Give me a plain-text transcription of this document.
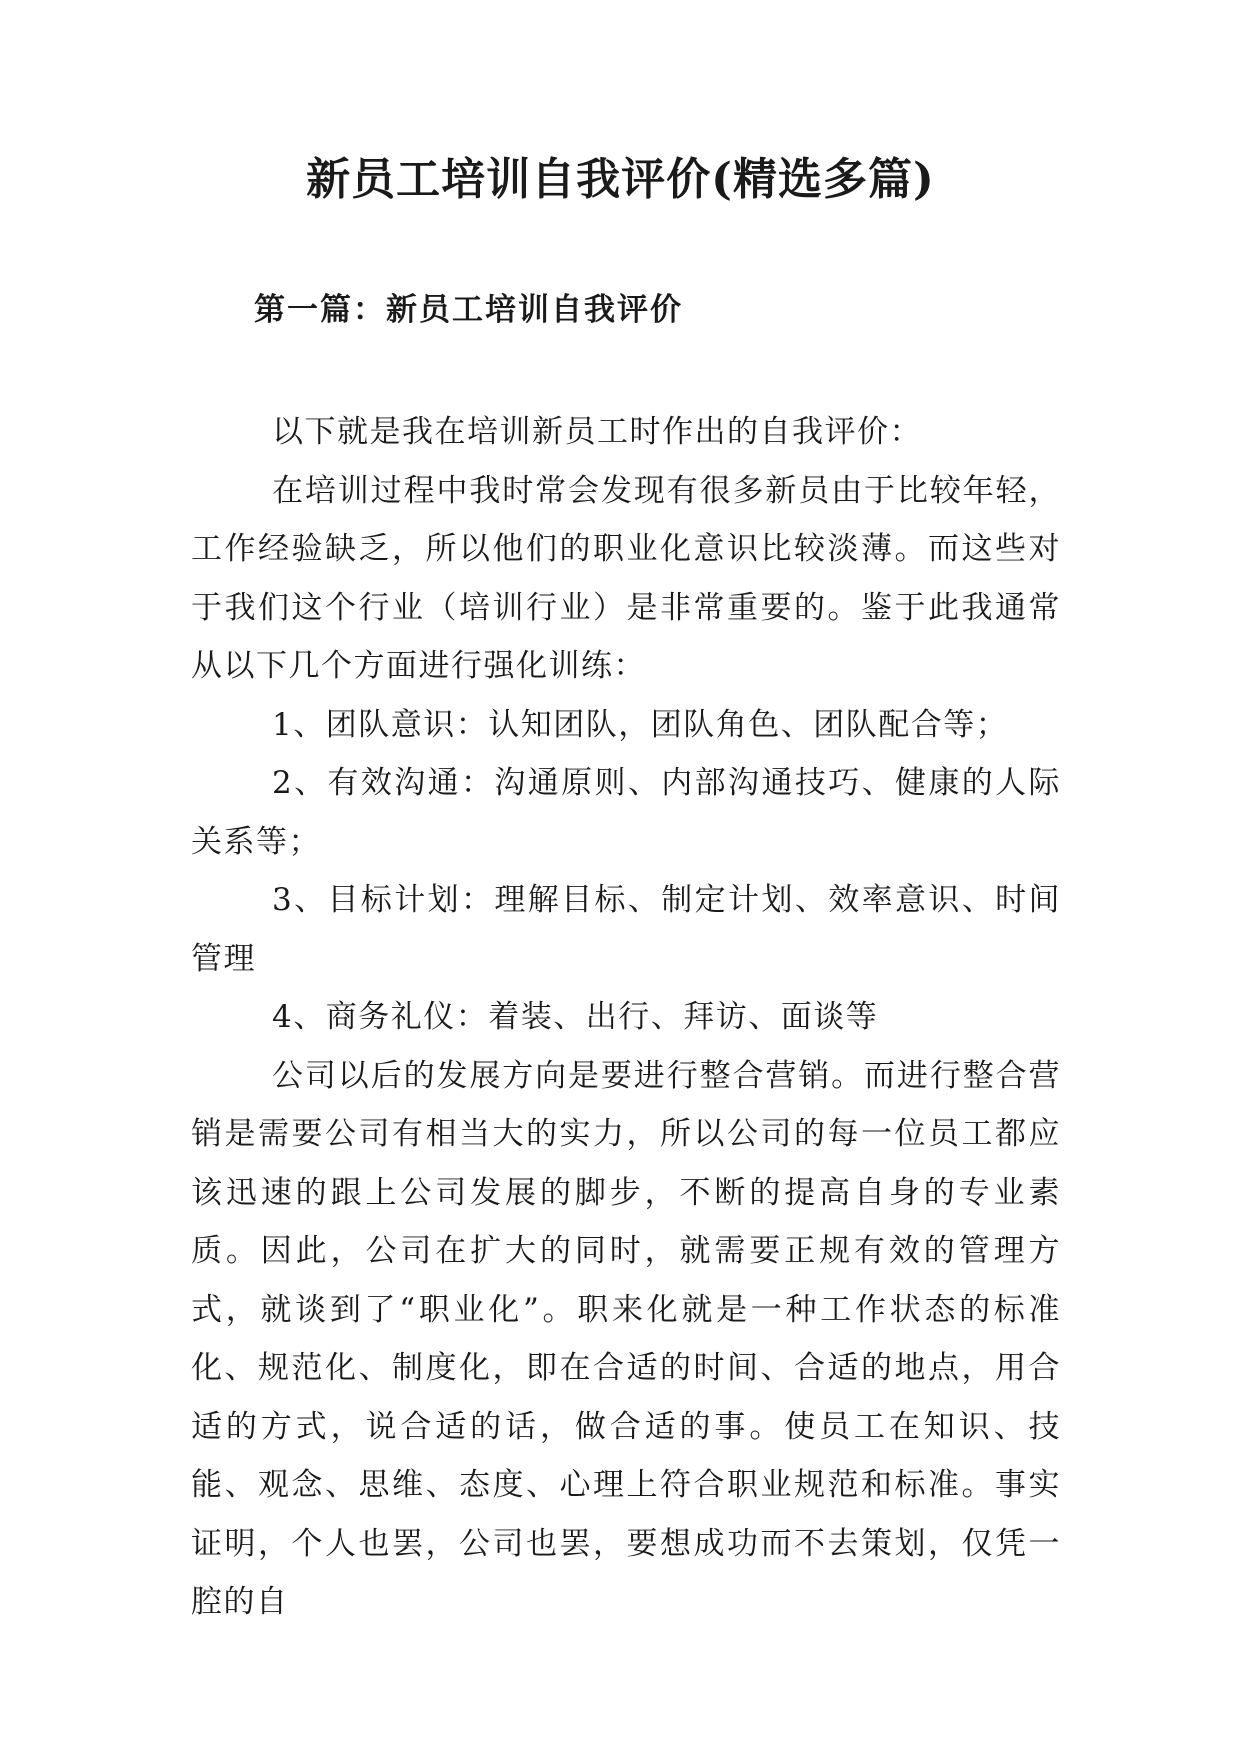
新员工培训自我评价(精选多篇)
第一篇：新员工培训自我评价

以下就是我在培训新员工时作出的自我评价：

在培训过程中我时常会发现有很多新员由于比较年轻，工作经验缺乏，所以他们的职业化意识比较淡薄。而这些对于我们这个行业（培训行业）是非常重要的。鉴于此我通常从以下几个方面进行强化训练：

1、团队意识：认知团队，团队角色、团队配合等；

2、有效沟通：沟通原则、内部沟通技巧、健康的人际关系等；

3、目标计划：理解目标、制定计划、效率意识、时间管理

4、商务礼仪：着装、出行、拜访、面谈等

公司以后的发展方向是要进行整合营销。而进行整合营销是需要公司有相当大的实力，所以公司的每一位员工都应该迅速的跟上公司发展的脚步，不断的提高自身的专业素质。因此，公司在扩大的同时，就需要正规有效的管理方式，就谈到了“职业化”。职来化就是一种工作状态的标准化、规范化、制度化，即在合适的时间、合适的地点，用合适的方式，说合适的话，做合适的事。使员工在知识、技能、观念、思维、态度、心理上符合职业规范和标准。事实证明，个人也罢，公司也罢，要想成功而不去策划，仅凭一腔的自
